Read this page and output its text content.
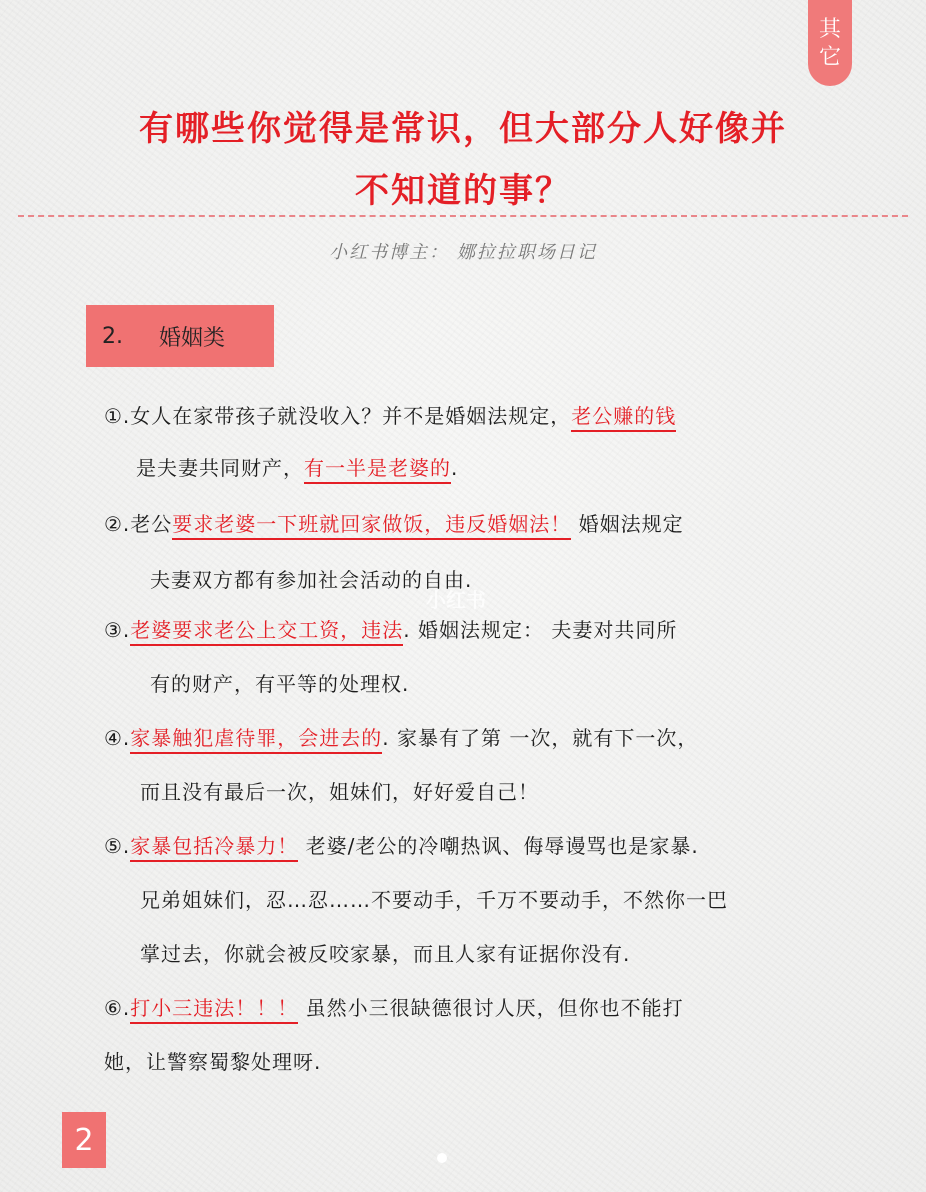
其
它
有哪些你觉得是常识，但大部分人好像并
不知道的事？
小红书博主： 娜拉拉职场日记
2. 婚姻类
①.女人在家带孩子就没收入？并不是婚姻法规定，老公赚的钱
是夫妻共同财产，有一半是老婆的.
②.老公要求老婆一下班就回家做饭，违反婚姻法！ 婚姻法规定
夫妻双方都有参加社会活动的自由.
③.老婆要求老公上交工资，违法. 婚姻法规定： 夫妻对共同所
有的财产，有平等的处理权.
④.家暴触犯虐待罪，会进去的. 家暴有了第 一次，就有下一次，
而且没有最后一次，姐妹们，好好爱自己！
⑤.家暴包括冷暴力！ 老婆/老公的冷嘲热讽、侮辱谩骂也是家暴.
兄弟姐妹们，忍…忍……不要动手，千万不要动手，不然你一巴
掌过去，你就会被反咬家暴，而且人家有证据你没有.
⑥.打小三违法！！！ 虽然小三很缺德很讨人厌，但你也不能打
她，让警察蜀黎处理呀.
小红书
2
